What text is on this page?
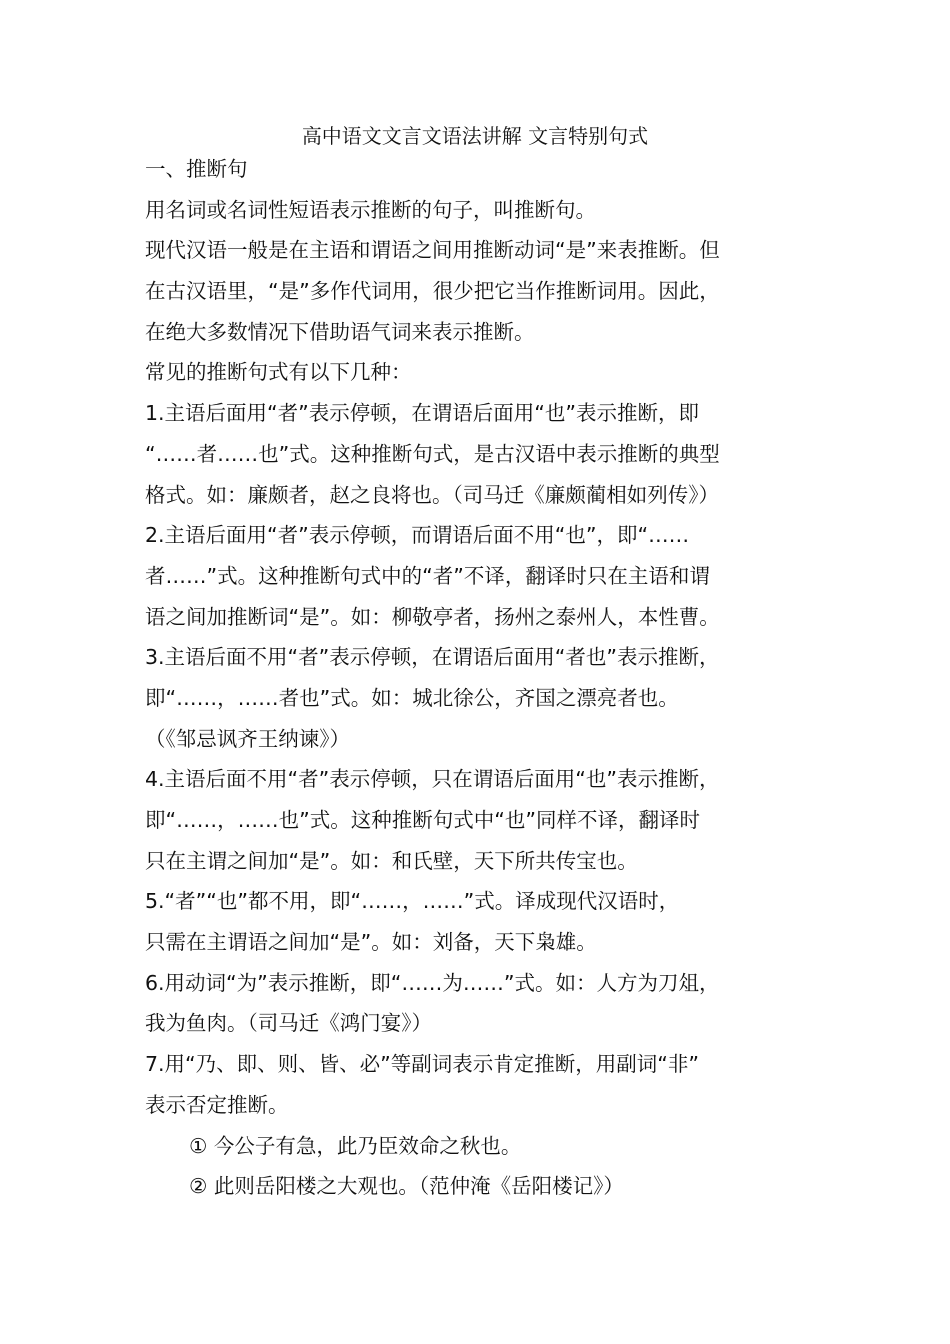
高中语文文言文语法讲解 文言特别句式
一、推断句
用名词或名词性短语表示推断的句子，叫推断句。
现代汉语一般是在主语和谓语之间用推断动词“是”来表推断。但
在古汉语里，“是”多作代词用，很少把它当作推断词用。因此，
在绝大多数情况下借助语气词来表示推断。
常见的推断句式有以下几种：
1.主语后面用“者”表示停顿，在谓语后面用“也”表示推断，即
“……者……也”式。这种推断句式，是古汉语中表示推断的典型
格式。如：廉颇者，赵之良将也。（司马迁《廉颇蔺相如列传》）
2.主语后面用“者”表示停顿，而谓语后面不用“也”，即“……
者……”式。这种推断句式中的“者”不译，翻译时只在主语和谓
语之间加推断词“是”。如：柳敬亭者，扬州之泰州人，本性曹。
3.主语后面不用“者”表示停顿，在谓语后面用“者也”表示推断，
即“……，……者也”式。如：城北徐公，齐国之漂亮者也。
（《邹忌讽齐王纳谏》）
4.主语后面不用“者”表示停顿，只在谓语后面用“也”表示推断，
即“……，……也”式。这种推断句式中“也”同样不译，翻译时
只在主谓之间加“是”。如：和氏壁，天下所共传宝也。
5.“者”“也”都不用，即“……，……”式。译成现代汉语时，
只需在主谓语之间加“是”。如：刘备，天下枭雄。
6.用动词“为”表示推断，即“……为……”式。如：人方为刀俎，
我为鱼肉。（司马迁《鸿门宴》）
7.用“乃、即、则、皆、必”等副词表示肯定推断，用副词“非”
表示否定推断。
① 今公子有急，此乃臣效命之秋也。
② 此则岳阳楼之大观也。（范仲淹《岳阳楼记》）
